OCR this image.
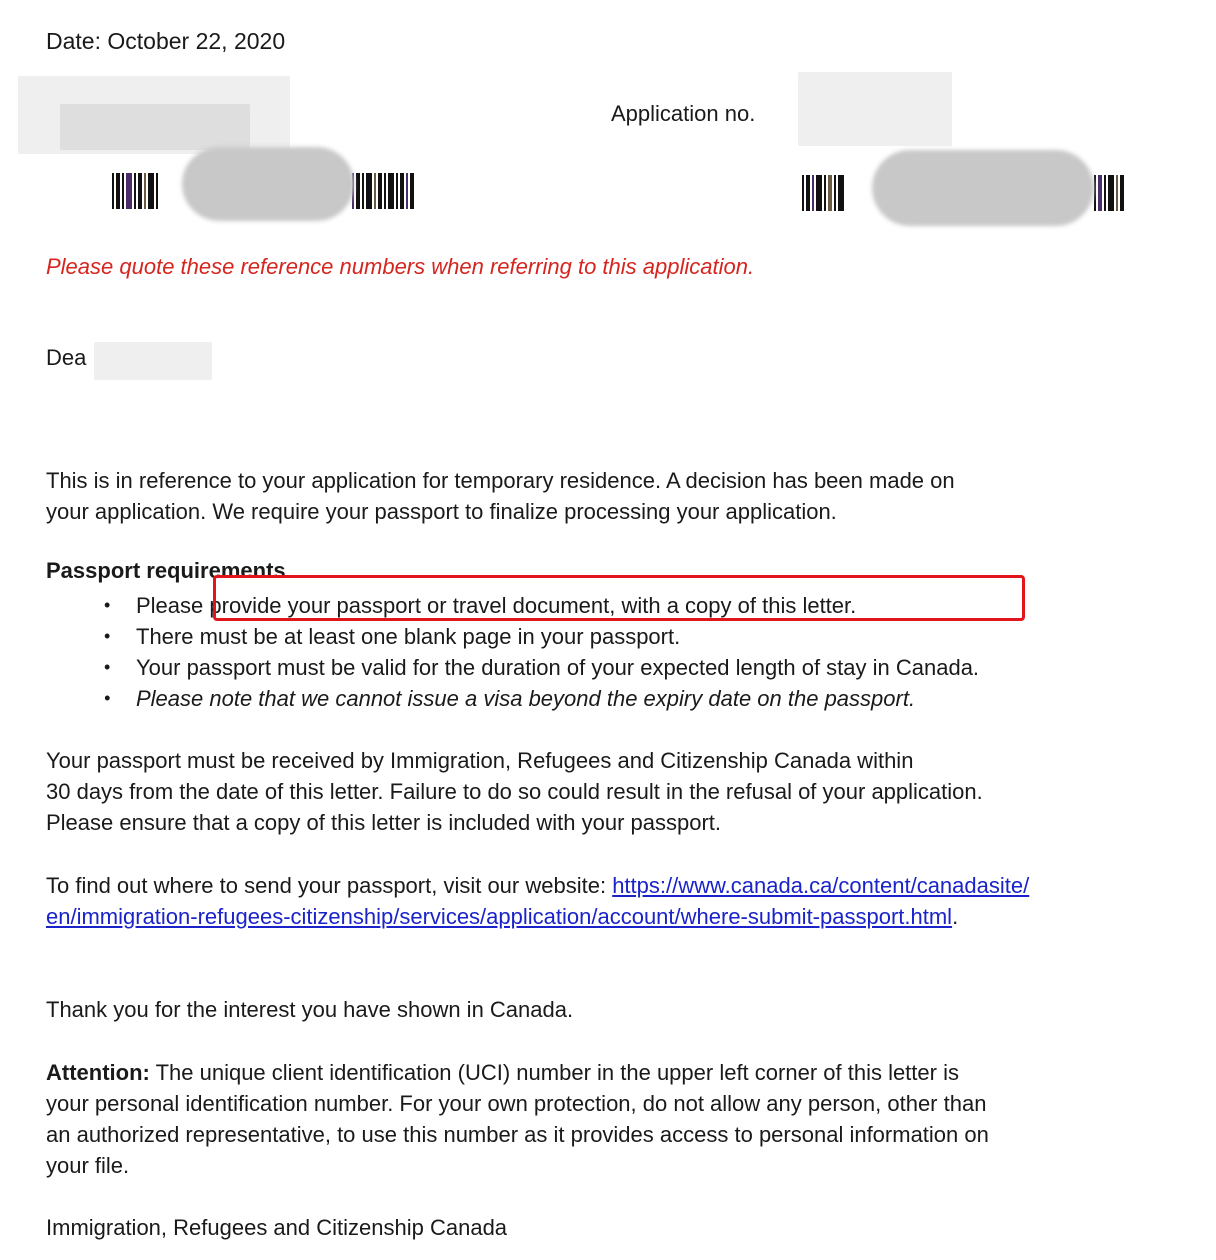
Date: October 22, 2020
Application no.
Please quote these reference numbers when referring to this application.
Dea
This is in reference to your application for temporary residence. A decision has been made on
your application. We require your passport to finalize processing your application.
Passport requirements
• Please provide your passport or travel document, with a copy of this letter.
• There must be at least one blank page in your passport.
• Your passport must be valid for the duration of your expected length of stay in Canada.
• Please note that we cannot issue a visa beyond the expiry date on the passport.
Your passport must be received by Immigration, Refugees and Citizenship Canada within
30 days from the date of this letter. Failure to do so could result in the refusal of your application.
Please ensure that a copy of this letter is included with your passport.
To find out where to send your passport, visit our website: https://www.canada.ca/content/canadasite/
en/immigration-refugees-citizenship/services/application/account/where-submit-passport.html.
Thank you for the interest you have shown in Canada.
Attention: The unique client identification (UCI) number in the upper left corner of this letter is
your personal identification number. For your own protection, do not allow any person, other than
an authorized representative, to use this number as it provides access to personal information on
your file.
Immigration, Refugees and Citizenship Canada
